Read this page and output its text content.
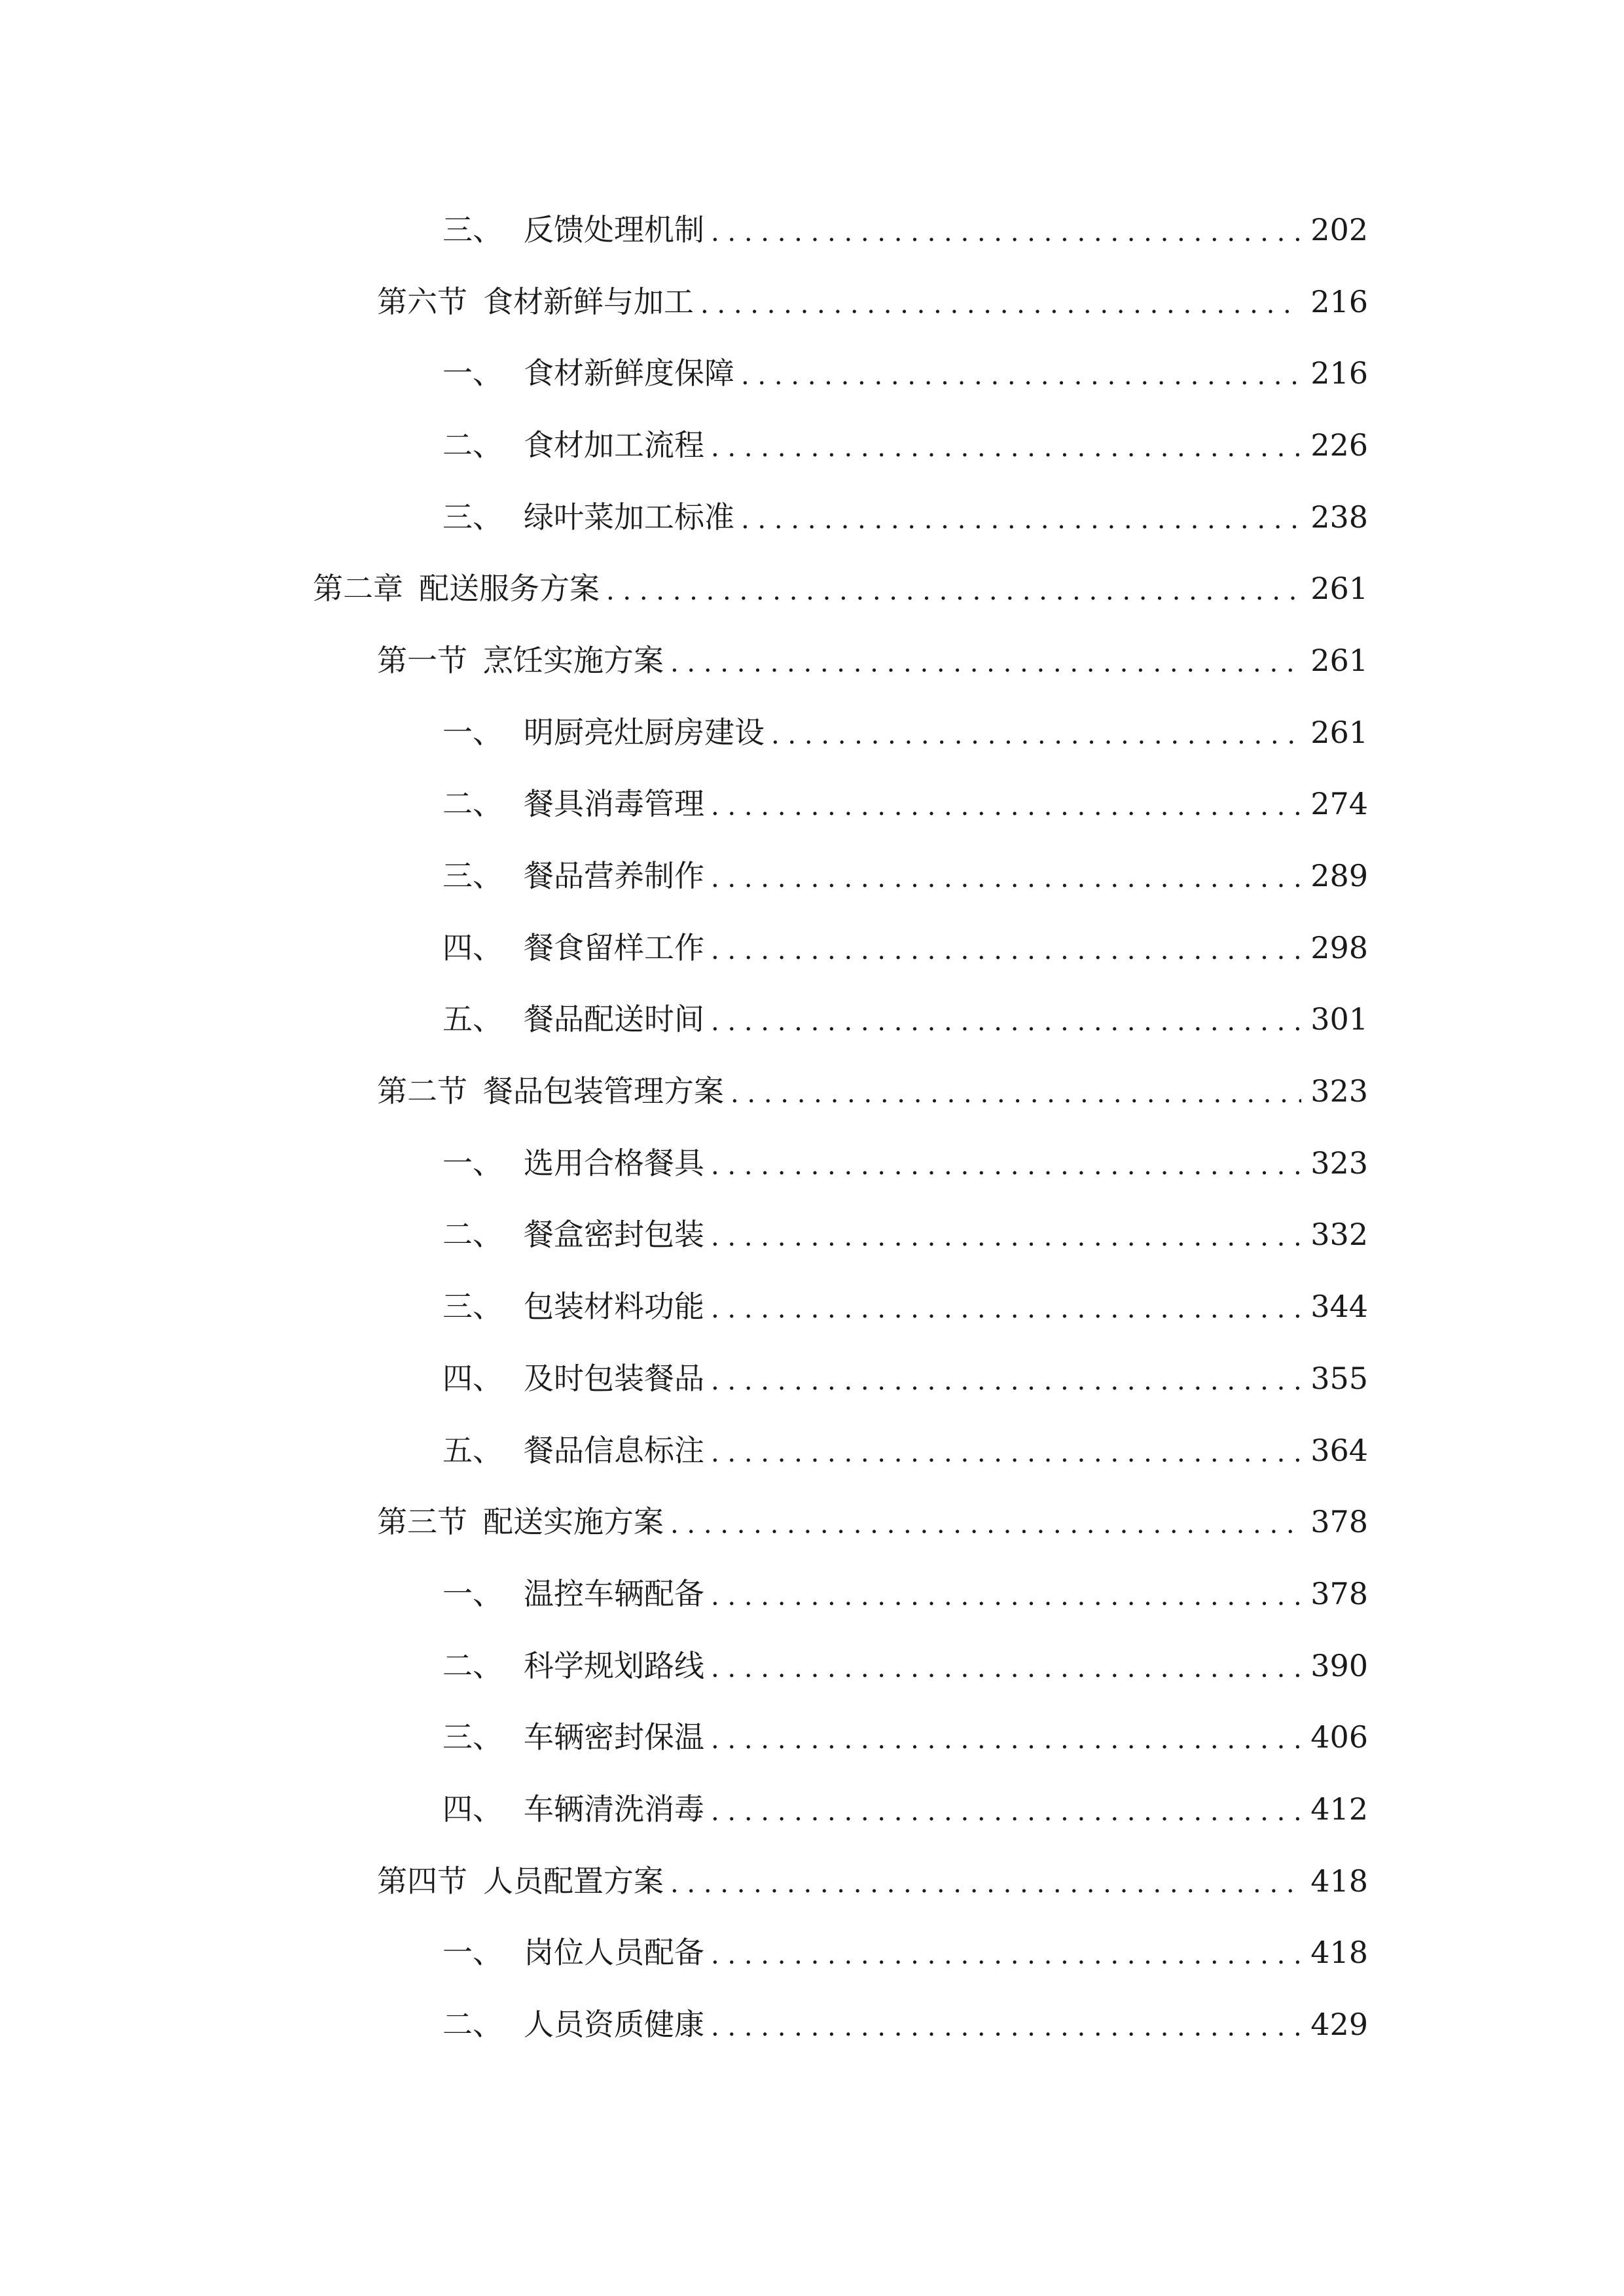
三、 反馈处理机制 . . .	202
第六节 食材新鲜与加工 . . .	216
一、 食材新鲜度保障 . . .	216
二、 食材加工流程 . . .	226
三、 绿叶菜加工标准 . . .	238
第二章 配送服务方案 . . .	261
第一节 烹饪实施方案 . . .	261
一、 明厨亮灶厨房建设 . . .	261
二、 餐具消毒管理 . . .	274
三、 餐品营养制作 . . .	289
四、 餐食留样工作 . . .	298
五、 餐品配送时间 . . .	301
第二节 餐品包装管理方案 . . .	323
一、 选用合格餐具 . . .	323
二、 餐盒密封包装 . . .	332
三、 包装材料功能 . . .	344
四、 及时包装餐品 . . .	355
五、 餐品信息标注 . . .	364
第三节 配送实施方案 . . .	378
一、 温控车辆配备 . . .	378
二、 科学规划路线 . . .	390
三、 车辆密封保温 . . .	406
四、 车辆清洗消毒 . . .	412
第四节 人员配置方案 . . .	418
一、 岗位人员配备 . . .	418
二、 人员资质健康 . . .	429
